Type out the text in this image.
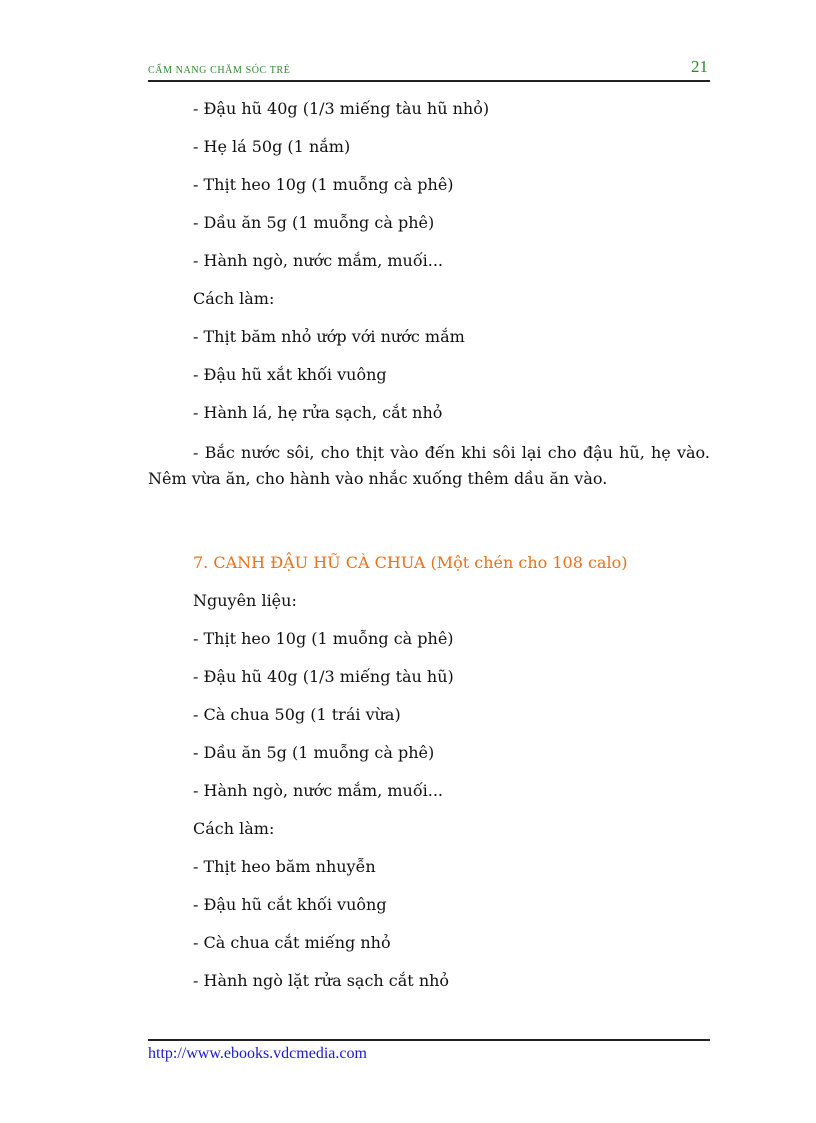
CẨM NANG CHĂM SÓC TRẺ	21

- Đậu hũ 40g (1/3 miếng tàu hũ nhỏ)

- Hẹ lá 50g (1 nắm)

- Thịt heo 10g (1 muỗng cà phê)

- Dầu ăn 5g (1 muỗng cà phê)

- Hành ngò, nước mắm, muối...

Cách làm:

- Thịt băm nhỏ ướp với nước mắm

- Đậu hũ xắt khối vuông

- Hành lá, hẹ rửa sạch, cắt nhỏ

- Bắc nước sôi, cho thịt vào đến khi sôi lại cho đậu hũ, hẹ vào. Nêm vừa ăn, cho hành vào nhắc xuống thêm dầu ăn vào.

7. CANH ĐẬU HŨ CÀ CHUA (Một chén cho 108 calo)

Nguyên liệu:

- Thịt heo 10g (1 muỗng cà phê)

- Đậu hũ 40g (1/3 miếng tàu hũ)

- Cà chua 50g (1 trái vừa)

- Dầu ăn 5g (1 muỗng cà phê)

- Hành ngò, nước mắm, muối...

Cách làm:

- Thịt heo băm nhuyễn

- Đậu hũ cắt khối vuông

- Cà chua cắt miếng nhỏ

- Hành ngò lặt rửa sạch cắt nhỏ

http://www.ebooks.vdcmedia.com
